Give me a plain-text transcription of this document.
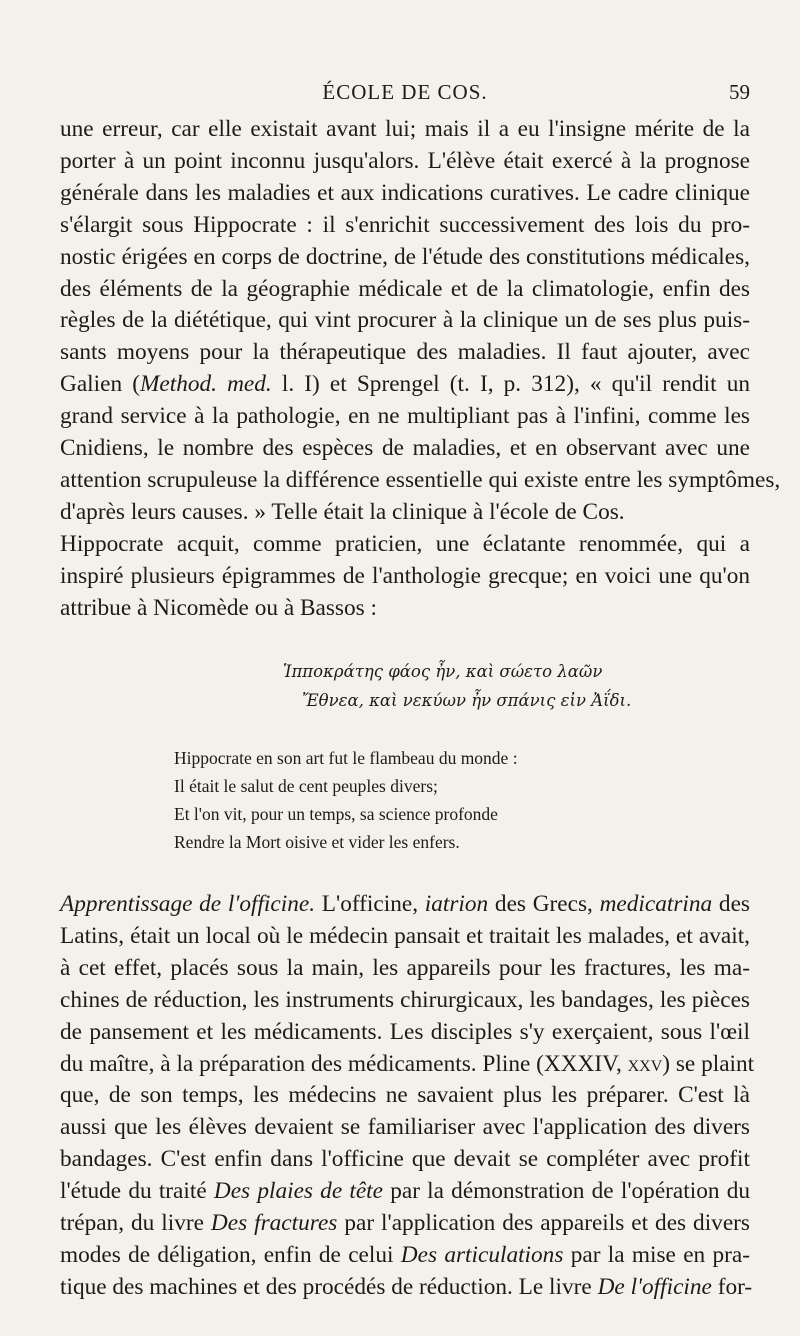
ÉCOLE DE COS.	59
une erreur, car elle existait avant lui; mais il a eu l'insigne mérite de la
porter à un point inconnu jusqu'alors. L'élève était exercé à la prognose
générale dans les maladies et aux indications curatives. Le cadre clinique
s'élargit sous Hippocrate : il s'enrichit successivement des lois du pro-
nostic érigées en corps de doctrine, de l'étude des constitutions médicales,
des éléments de la géographie médicale et de la climatologie, enfin des
règles de la diététique, qui vint procurer à la clinique un de ses plus puis-
sants moyens pour la thérapeutique des maladies. Il faut ajouter, avec
Galien (Method. med. l. I) et Sprengel (t. I, p. 312), « qu'il rendit un
grand service à la pathologie, en ne multipliant pas à l'infini, comme les
Cnidiens, le nombre des espèces de maladies, et en observant avec une
attention scrupuleuse la différence essentielle qui existe entre les symptômes,
d'après leurs causes. » Telle était la clinique à l'école de Cos.
Hippocrate acquit, comme praticien, une éclatante renommée, qui a
inspiré plusieurs épigrammes de l'anthologie grecque; en voici une qu'on
attribue à Nicomède ou à Bassos :
Ἱπποκράτης φάος ἦν, καὶ σώετο λαῶν
Ἔθνεα, καὶ νεκύων ἦν σπάνις εἰν Ἀΐδι.
Hippocrate en son art fut le flambeau du monde :
Il était le salut de cent peuples divers;
Et l'on vit, pour un temps, sa science profonde
Rendre la Mort oisive et vider les enfers.
Apprentissage de l'officine. L'officine, iatrion des Grecs, medicatrina des
Latins, était un local où le médecin pansait et traitait les malades, et avait,
à cet effet, placés sous la main, les appareils pour les fractures, les ma-
chines de réduction, les instruments chirurgicaux, les bandages, les pièces
de pansement et les médicaments. Les disciples s'y exerçaient, sous l'œil
du maître, à la préparation des médicaments. Pline (XXXIV, xxv) se plaint
que, de son temps, les médecins ne savaient plus les préparer. C'est là
aussi que les élèves devaient se familiariser avec l'application des divers
bandages. C'est enfin dans l'officine que devait se compléter avec profit
l'étude du traité Des plaies de tête par la démonstration de l'opération du
trépan, du livre Des fractures par l'application des appareils et des divers
modes de déligation, enfin de celui Des articulations par la mise en pra-
tique des machines et des procédés de réduction. Le livre De l'officine for-
